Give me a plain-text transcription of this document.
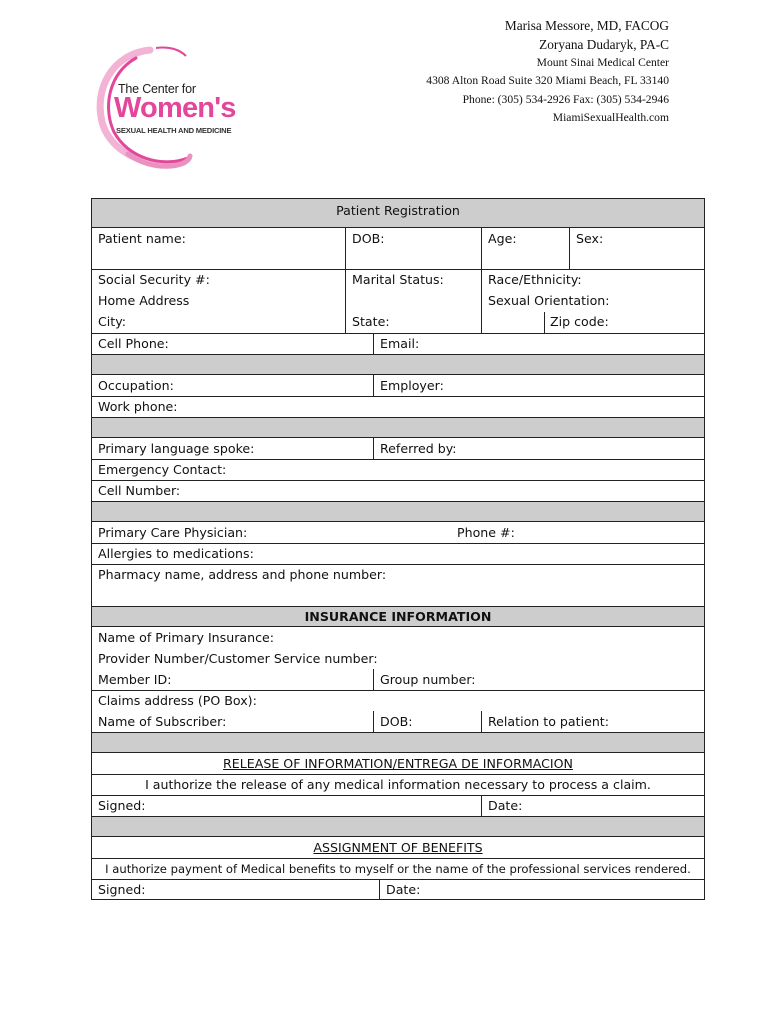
The Center for
Women's
SEXUAL HEALTH AND MEDICINE
Marisa Messore, MD, FACOG
Zoryana Dudaryk, PA-C
Mount Sinai Medical Center
4308 Alton Road Suite 320 Miami Beach, FL 33140
Phone: (305) 534-2926 Fax: (305) 534-2946
MiamiSexualHealth.com
Patient Registration
Patient name:	DOB:	Age:	Sex:
Social Security #:	Marital Status:	Race/Ethnicity:
Home Address	Sexual Orientation:
City:	State:	Zip code:
Cell Phone:	Email:
Occupation:	Employer:
Work phone:
Primary language spoke:	Referred by:
Emergency Contact:
Cell Number:
Primary Care Physician:	Phone #:
Allergies to medications:
Pharmacy name, address and phone number:
INSURANCE INFORMATION
Name of Primary Insurance:
Provider Number/Customer Service number:
Member ID:	Group number:
Claims address (PO Box):
Name of Subscriber:	DOB:	Relation to patient:
RELEASE OF INFORMATION/ENTREGA DE INFORMACION
I authorize the release of any medical information necessary to process a claim.
Signed:	Date:
ASSIGNMENT OF BENEFITS
I authorize payment of Medical benefits to myself or the name of the professional services rendered.
Signed:	Date:
